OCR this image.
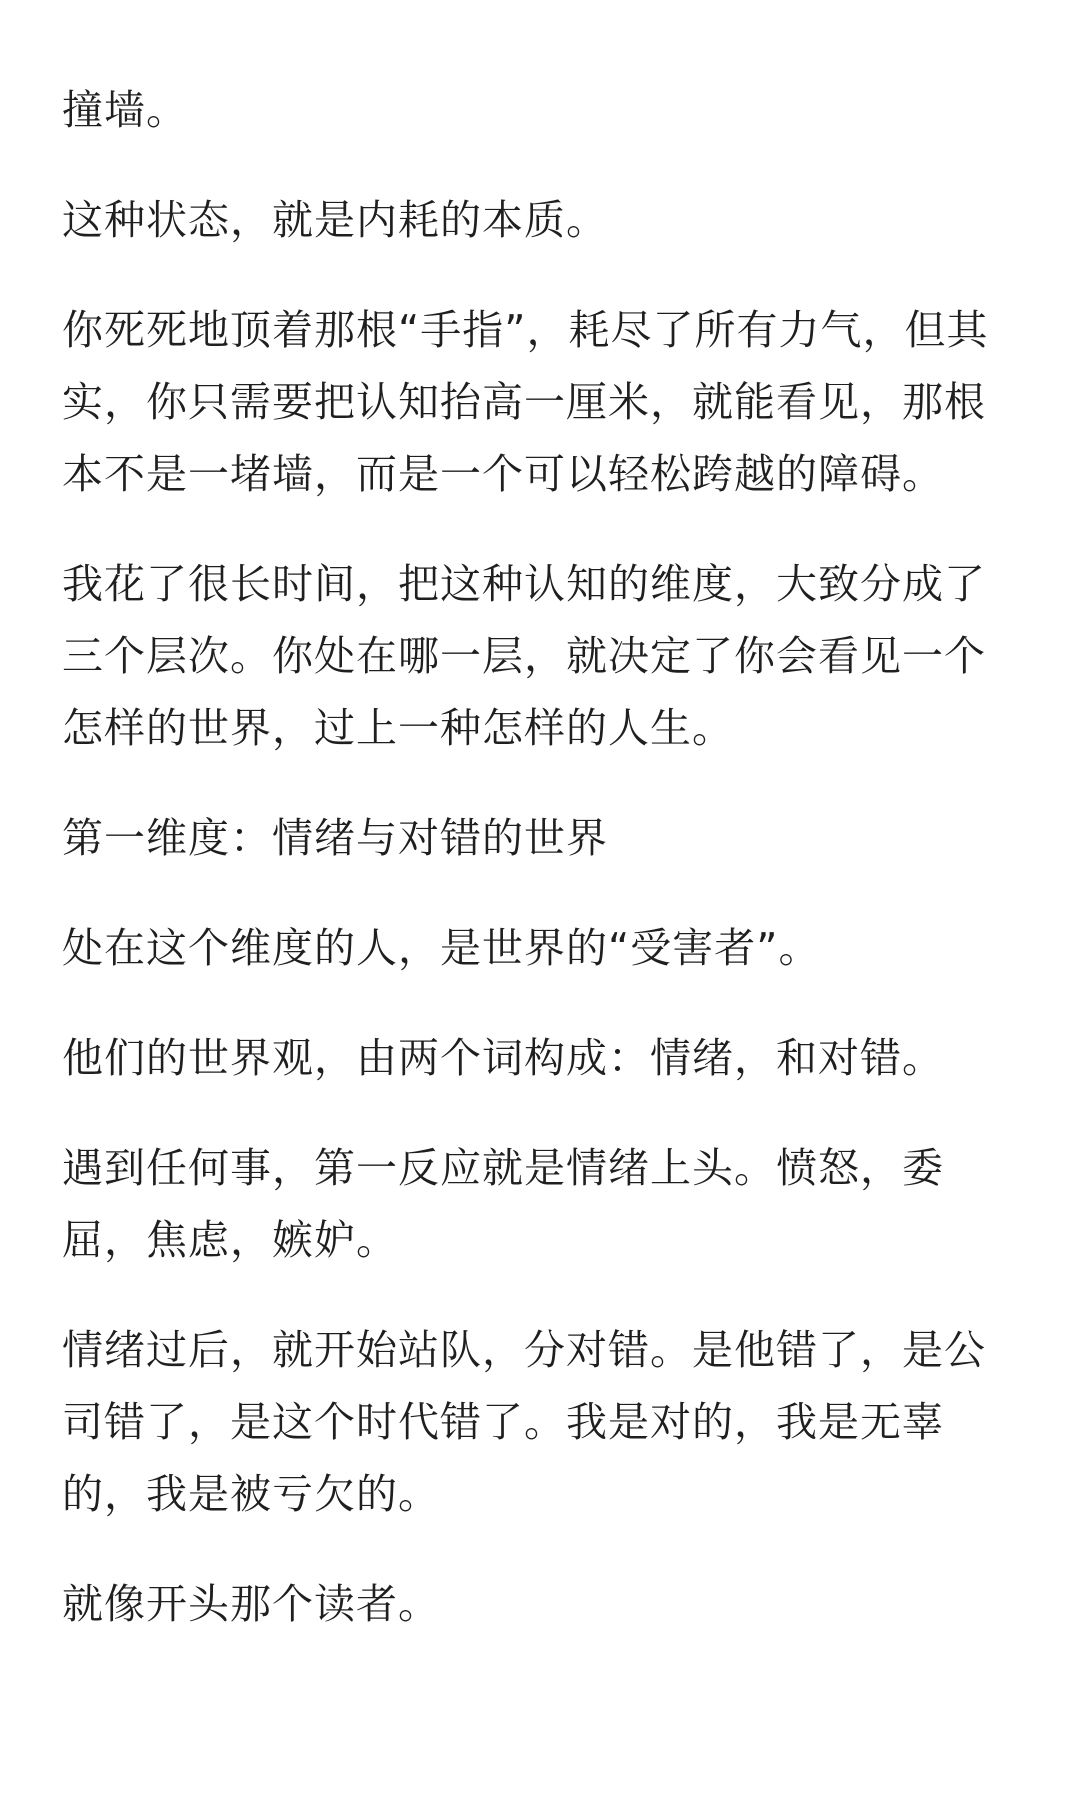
撞墙。

这种状态，就是内耗的本质。

你死死地顶着那根“手指”，耗尽了所有力气，但其
实，你只需要把认知抬高一厘米，就能看见，那根
本不是一堵墙，而是一个可以轻松跨越的障碍。

我花了很长时间，把这种认知的维度，大致分成了
三个层次。你处在哪一层，就决定了你会看见一个
怎样的世界，过上一种怎样的人生。

第一维度：情绪与对错的世界

处在这个维度的人，是世界的“受害者”。

他们的世界观，由两个词构成：情绪，和对错。

遇到任何事，第一反应就是情绪上头。愤怒，委
屈，焦虑，嫉妒。

情绪过后，就开始站队，分对错。是他错了，是公
司错了，是这个时代错了。我是对的，我是无辜
的，我是被亏欠的。

就像开头那个读者。
